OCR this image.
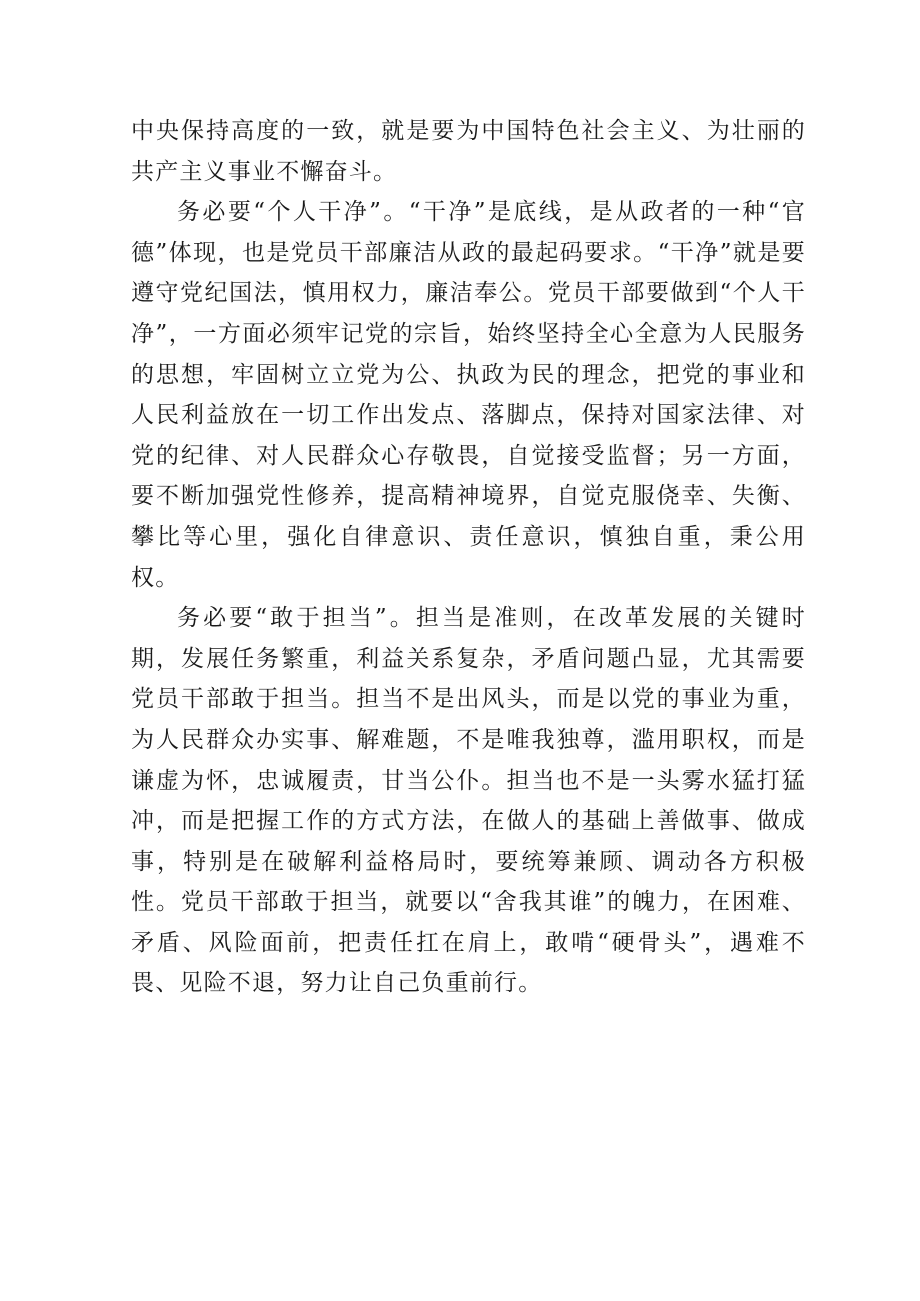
中央保持高度的一致，就是要为中国特色社会主义、为壮丽的共产主义事业不懈奋斗。

务必要“个人干净”。“干净”是底线，是从政者的一种“官德”体现，也是党员干部廉洁从政的最起码要求。“干净”就是要遵守党纪国法，慎用权力，廉洁奉公。党员干部要做到“个人干净”，一方面必须牢记党的宗旨，始终坚持全心全意为人民服务的思想，牢固树立立党为公、执政为民的理念，把党的事业和人民利益放在一切工作出发点、落脚点，保持对国家法律、对党的纪律、对人民群众心存敬畏，自觉接受监督；另一方面，要不断加强党性修养，提高精神境界，自觉克服侥幸、失衡、攀比等心里，强化自律意识、责任意识，慎独自重，秉公用权。

务必要“敢于担当”。担当是准则，在改革发展的关键时期，发展任务繁重，利益关系复杂，矛盾问题凸显，尤其需要党员干部敢于担当。担当不是出风头，而是以党的事业为重，为人民群众办实事、解难题，不是唯我独尊，滥用职权，而是谦虚为怀，忠诚履责，甘当公仆。担当也不是一头雾水猛打猛冲，而是把握工作的方式方法，在做人的基础上善做事、做成事，特别是在破解利益格局时，要统筹兼顾、调动各方积极性。党员干部敢于担当，就要以“舍我其谁”的魄力，在困难、矛盾、风险面前，把责任扛在肩上，敢啃“硬骨头”，遇难不畏、见险不退，努力让自己负重前行。
